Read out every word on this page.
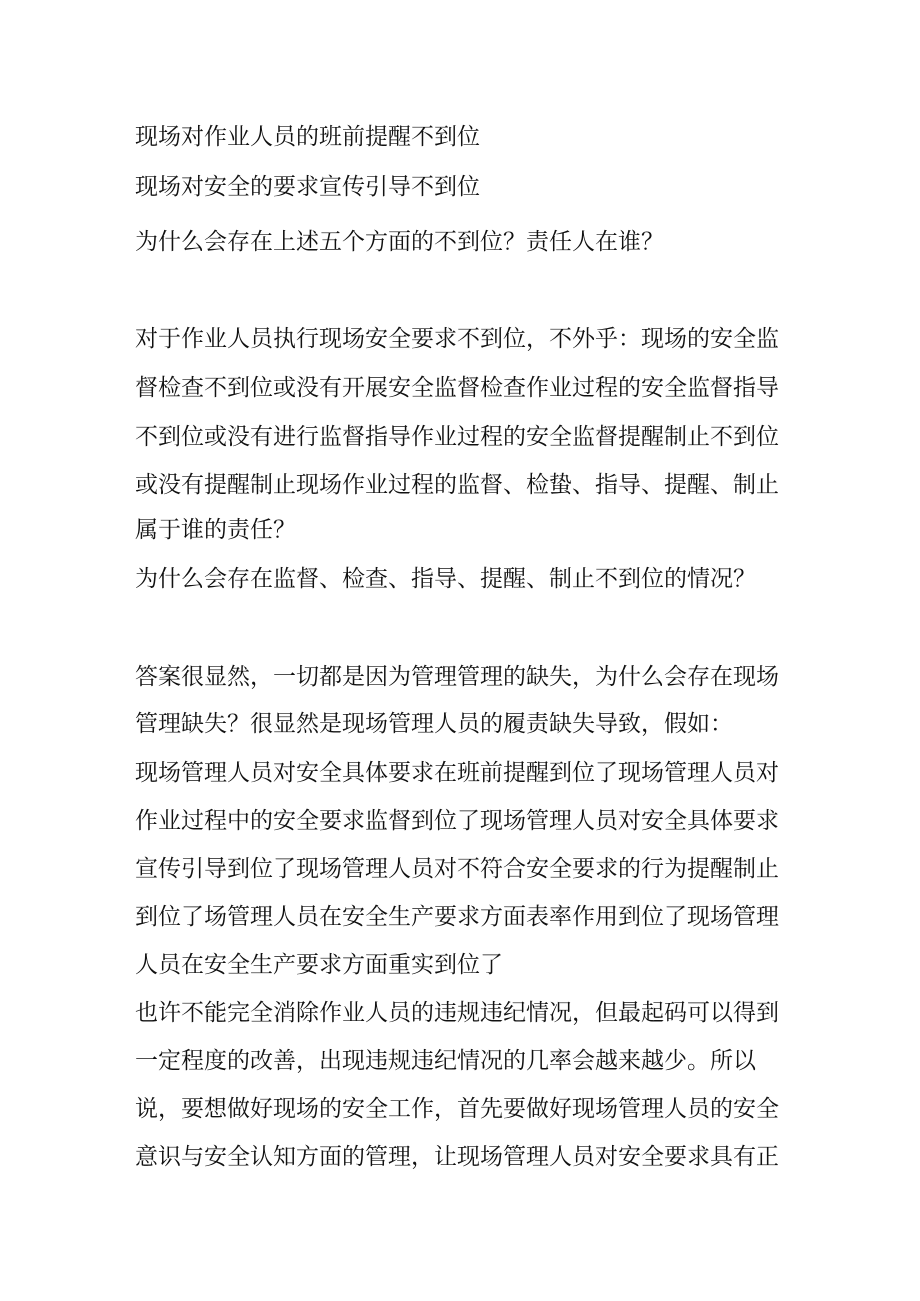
现场对作业人员的班前提醒不到位

现场对安全的要求宣传引导不到位

为什么会存在上述五个方面的不到位？责任人在谁？

对于作业人员执行现场安全要求不到位，不外乎：现场的安全监

督检查不到位或没有开展安全监督检查作业过程的安全监督指导

不到位或没有进行监督指导作业过程的安全监督提醒制止不到位

或没有提醒制止现场作业过程的监督、检蛰、指导、提醒、制止

属于谁的责任？

为什么会存在监督、检查、指导、提醒、制止不到位的情况？

答案很显然，一切都是因为管理管理的缺失，为什么会存在现场

管理缺失？很显然是现场管理人员的履责缺失导致，假如：

现场管理人员对安全具体要求在班前提醒到位了现场管理人员对

作业过程中的安全要求监督到位了现场管理人员对安全具体要求

宣传引导到位了现场管理人员对不符合安全要求的行为提醒制止

到位了场管理人员在安全生产要求方面表率作用到位了现场管理

人员在安全生产要求方面重实到位了

也许不能完全消除作业人员的违规违纪情况，但最起码可以得到

一定程度的改善，出现违规违纪情况的几率会越来越少。所以

说，要想做好现场的安全工作，首先要做好现场管理人员的安全

意识与安全认知方面的管理，让现场管理人员对安全要求具有正
